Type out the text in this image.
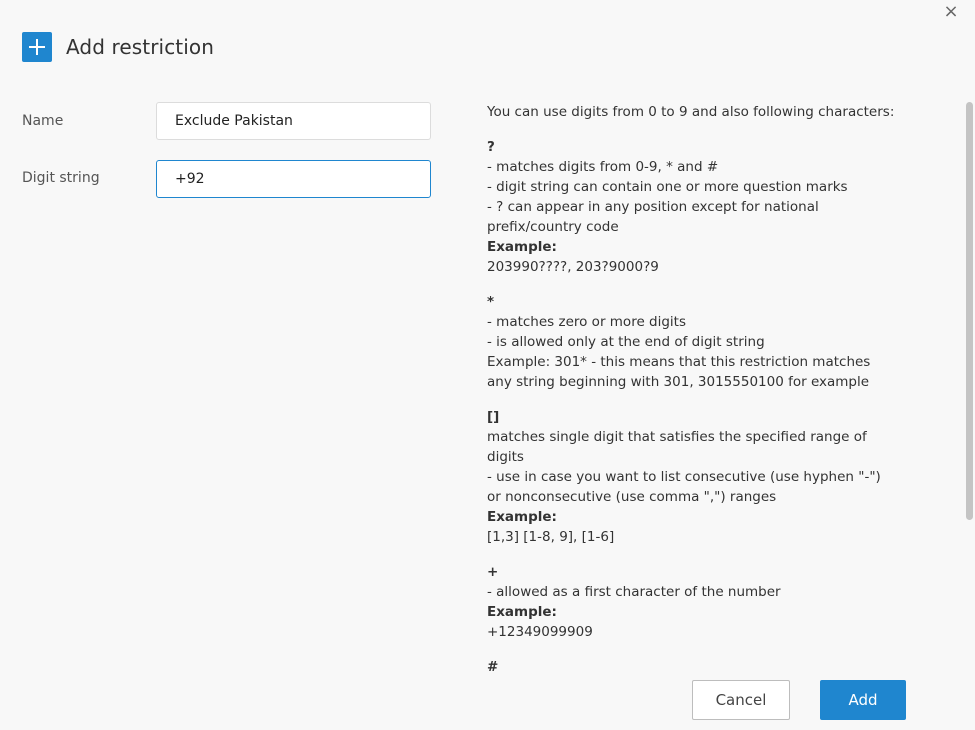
×
Add restriction
Name
Exclude Pakistan
Digit string
+92
You can use digits from 0 to 9 and also following characters:
?
- matches digits from 0-9, * and #
- digit string can contain one or more question marks
- ? can appear in any position except for national prefix/country code
Example:
203990????, 203?9000?9
*
- matches zero or more digits
- is allowed only at the end of digit string
Example: 301* - this means that this restriction matches any string beginning with 301, 3015550100 for example
[]
matches single digit that satisfies the specified range of digits
- use in case you want to list consecutive (use hyphen "-") or nonconsecutive (use comma ",") ranges
Example:
[1,3] [1-8, 9], [1-6]
+
- allowed as a first character of the number
Example:
+12349099909
#
Cancel	Add
